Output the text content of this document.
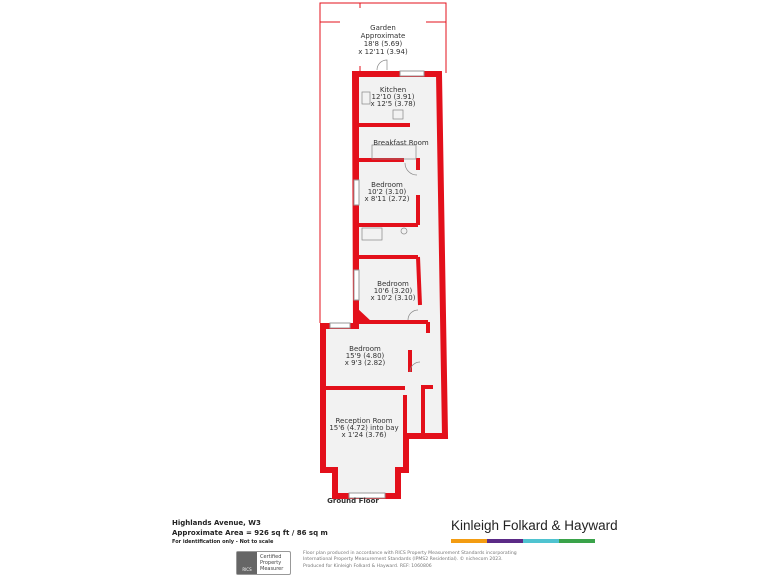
Garden
Approximate
18'8 (5.69)
x 12'11 (3.94)
Kitchen
12'10 (3.91)
x 12'5 (3.78)
Breakfast Room
Bedroom
10'2 (3.10)
x 8'11 (2.72)
Bedroom
10'6 (3.20)
x 10'2 (3.10)
Bedroom
15'9 (4.80)
x 9'3 (2.82)
Reception Room
15'6 (4.72) into bay
x 1'24 (3.76)
Ground Floor
Highlands Avenue, W3
Approximate Area = 926 sq ft / 86 sq m
For identification only - Not to scale
Kinleigh Folkard & Hayward
RICS
Certified
Property
Measurer
Floor plan produced in accordance with RICS Property Measurement Standards incorporating
International Property Measurement Standards (IPMS2 Residential). © nichecom 2023.
Produced for Kinleigh Folkard & Hayward. REF: 1060806
